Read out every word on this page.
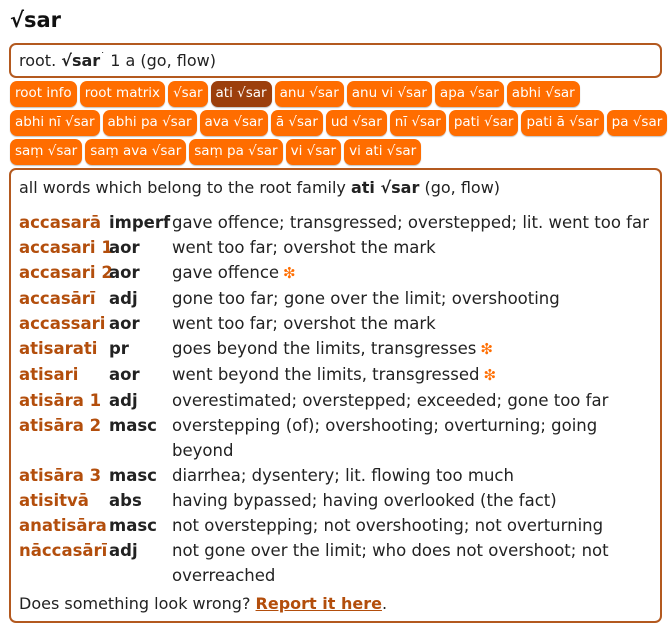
√sar
root. √sar˙ 1 a (go, flow)
root info root matrix √sar ati √sar anu √sar anu vi √sar apa √sar abhi √sar
abhi nī √sar abhi pa √sar ava √sar ā √sar ud √sar nī √sar pati √sar pati ā √sar pa √sar
saṃ √sar saṃ ava √sar saṃ pa √sar vi √sar vi ati √sar
all words which belong to the root family ati √sar (go, flow)
accasarā imperf gave offence; transgressed; overstepped; lit. went too far
accasari 1
aor went too far; overshot the mark
accasari 2
aor gave offence ❇
accasārī adj gone too far; gone over the limit; overshooting
accassari aor went too far; overshot the mark
atisarati pr	goes beyond the limits, transgresses ❇
atisari aor went beyond the limits, transgressed ❇
atisāra 1 adj overestimated; overstepped; exceeded; gone too far
atisāra 2 masc overstepping (of); overshooting; overturning; going beyond
atisāra 3 masc diarrhea; dysentery; lit. flowing too much
atisitvā abs having bypassed; having overlooked (the fact)
anatisāra masc not overstepping; not overshooting; not overturning
nāccasārī adj not gone over the limit; who does not overshoot; not overreached
Does something look wrong? Report it here.
